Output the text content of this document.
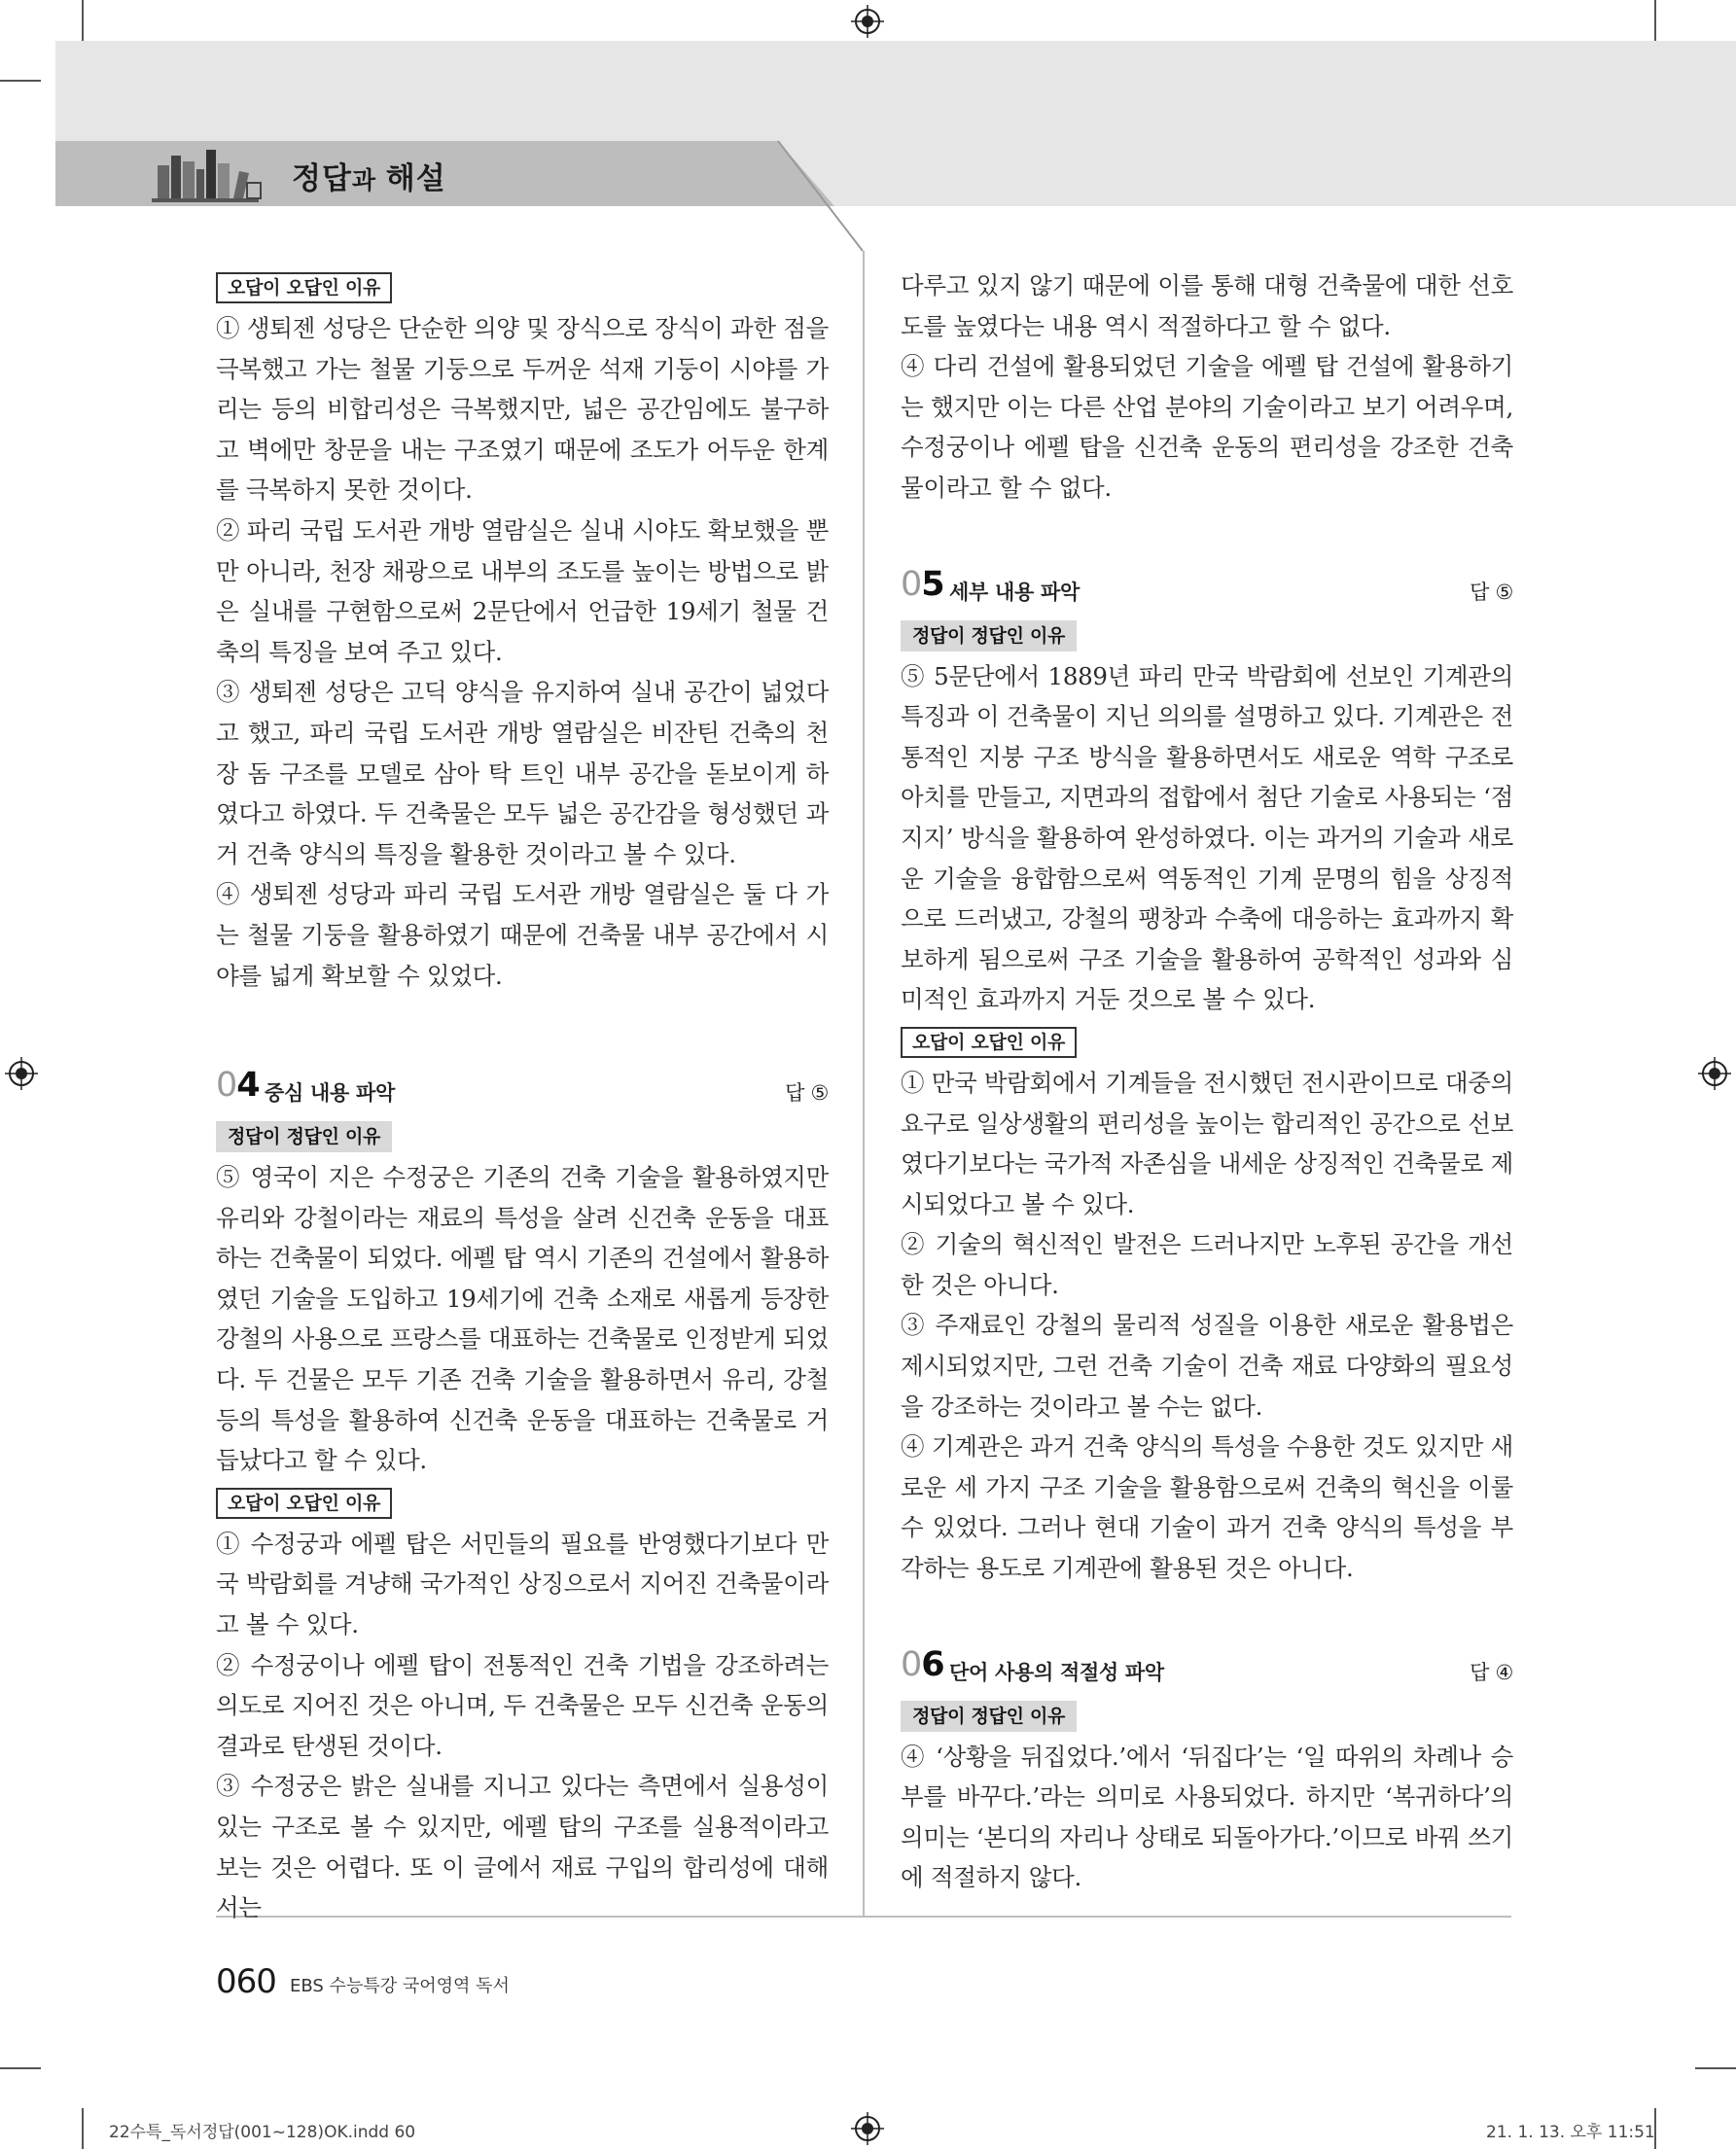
정답과 해설
오답이 오답인 이유

① 생퇴젠 성당은 단순한 의양 및 장식으로 장식이 과한 점을 극복했고 가는 철물 기둥으로 두꺼운 석재 기둥이 시야를 가리는 등의 비합리성은 극복했지만, 넓은 공간임에도 불구하고 벽에만 창문을 내는 구조였기 때문에 조도가 어두운 한계를 극복하지 못한 것이다.

② 파리 국립 도서관 개방 열람실은 실내 시야도 확보했을 뿐만 아니라, 천장 채광으로 내부의 조도를 높이는 방법으로 밝은 실내를 구현함으로써 2문단에서 언급한 19세기 철물 건축의 특징을 보여 주고 있다.

③ 생퇴젠 성당은 고딕 양식을 유지하여 실내 공간이 넓었다고 했고, 파리 국립 도서관 개방 열람실은 비잔틴 건축의 천장 돔 구조를 모델로 삼아 탁 트인 내부 공간을 돋보이게 하였다고 하였다. 두 건축물은 모두 넓은 공간감을 형성했던 과거 건축 양식의 특징을 활용한 것이라고 볼 수 있다.

④ 생퇴젠 성당과 파리 국립 도서관 개방 열람실은 둘 다 가는 철물 기둥을 활용하였기 때문에 건축물 내부 공간에서 시야를 넓게 확보할 수 있었다.

04 중심 내용 파악	답 ⑤
정답이 정답인 이유

⑤ 영국이 지은 수정궁은 기존의 건축 기술을 활용하였지만 유리와 강철이라는 재료의 특성을 살려 신건축 운동을 대표하는 건축물이 되었다. 에펠 탑 역시 기존의 건설에서 활용하였던 기술을 도입하고 19세기에 건축 소재로 새롭게 등장한 강철의 사용으로 프랑스를 대표하는 건축물로 인정받게 되었다. 두 건물은 모두 기존 건축 기술을 활용하면서 유리, 강철 등의 특성을 활용하여 신건축 운동을 대표하는 건축물로 거듭났다고 할 수 있다.

오답이 오답인 이유

① 수정궁과 에펠 탑은 서민들의 필요를 반영했다기보다 만국 박람회를 겨냥해 국가적인 상징으로서 지어진 건축물이라고 볼 수 있다.

② 수정궁이나 에펠 탑이 전통적인 건축 기법을 강조하려는 의도로 지어진 것은 아니며, 두 건축물은 모두 신건축 운동의 결과로 탄생된 것이다.

③ 수정궁은 밝은 실내를 지니고 있다는 측면에서 실용성이 있는 구조로 볼 수 있지만, 에펠 탑의 구조를 실용적이라고 보는 것은 어렵다. 또 이 글에서 재료 구입의 합리성에 대해서는

다루고 있지 않기 때문에 이를 통해 대형 건축물에 대한 선호도를 높였다는 내용 역시 적절하다고 할 수 없다.

④ 다리 건설에 활용되었던 기술을 에펠 탑 건설에 활용하기는 했지만 이는 다른 산업 분야의 기술이라고 보기 어려우며, 수정궁이나 에펠 탑을 신건축 운동의 편리성을 강조한 건축물이라고 할 수 없다.

05 세부 내용 파악	답 ⑤
정답이 정답인 이유

⑤ 5문단에서 1889년 파리 만국 박람회에 선보인 기계관의 특징과 이 건축물이 지닌 의의를 설명하고 있다. 기계관은 전통적인 지붕 구조 방식을 활용하면서도 새로운 역학 구조로 아치를 만들고, 지면과의 접합에서 첨단 기술로 사용되는 ‘점지지’ 방식을 활용하여 완성하였다. 이는 과거의 기술과 새로운 기술을 융합함으로써 역동적인 기계 문명의 힘을 상징적으로 드러냈고, 강철의 팽창과 수축에 대응하는 효과까지 확보하게 됨으로써 구조 기술을 활용하여 공학적인 성과와 심미적인 효과까지 거둔 것으로 볼 수 있다.

오답이 오답인 이유

① 만국 박람회에서 기계들을 전시했던 전시관이므로 대중의 요구로 일상생활의 편리성을 높이는 합리적인 공간으로 선보였다기보다는 국가적 자존심을 내세운 상징적인 건축물로 제시되었다고 볼 수 있다.

② 기술의 혁신적인 발전은 드러나지만 노후된 공간을 개선한 것은 아니다.

③ 주재료인 강철의 물리적 성질을 이용한 새로운 활용법은 제시되었지만, 그런 건축 기술이 건축 재료 다양화의 필요성을 강조하는 것이라고 볼 수는 없다.

④ 기계관은 과거 건축 양식의 특성을 수용한 것도 있지만 새로운 세 가지 구조 기술을 활용함으로써 건축의 혁신을 이룰 수 있었다. 그러나 현대 기술이 과거 건축 양식의 특성을 부각하는 용도로 기계관에 활용된 것은 아니다.

06 단어 사용의 적절성 파악	답 ④
정답이 정답인 이유

④ ‘상황을 뒤집었다.’에서 ‘뒤집다’는 ‘일 따위의 차례나 승부를 바꾸다.’라는 의미로 사용되었다. 하지만 ‘복귀하다’의 의미는 ‘본디의 자리나 상태로 되돌아가다.’이므로 바꿔 쓰기에 적절하지 않다.

060 EBS 수능특강 국어영역 독서
22수특_독서정답(001~128)OK.indd 60	21. 1. 13. 오후 11:51
